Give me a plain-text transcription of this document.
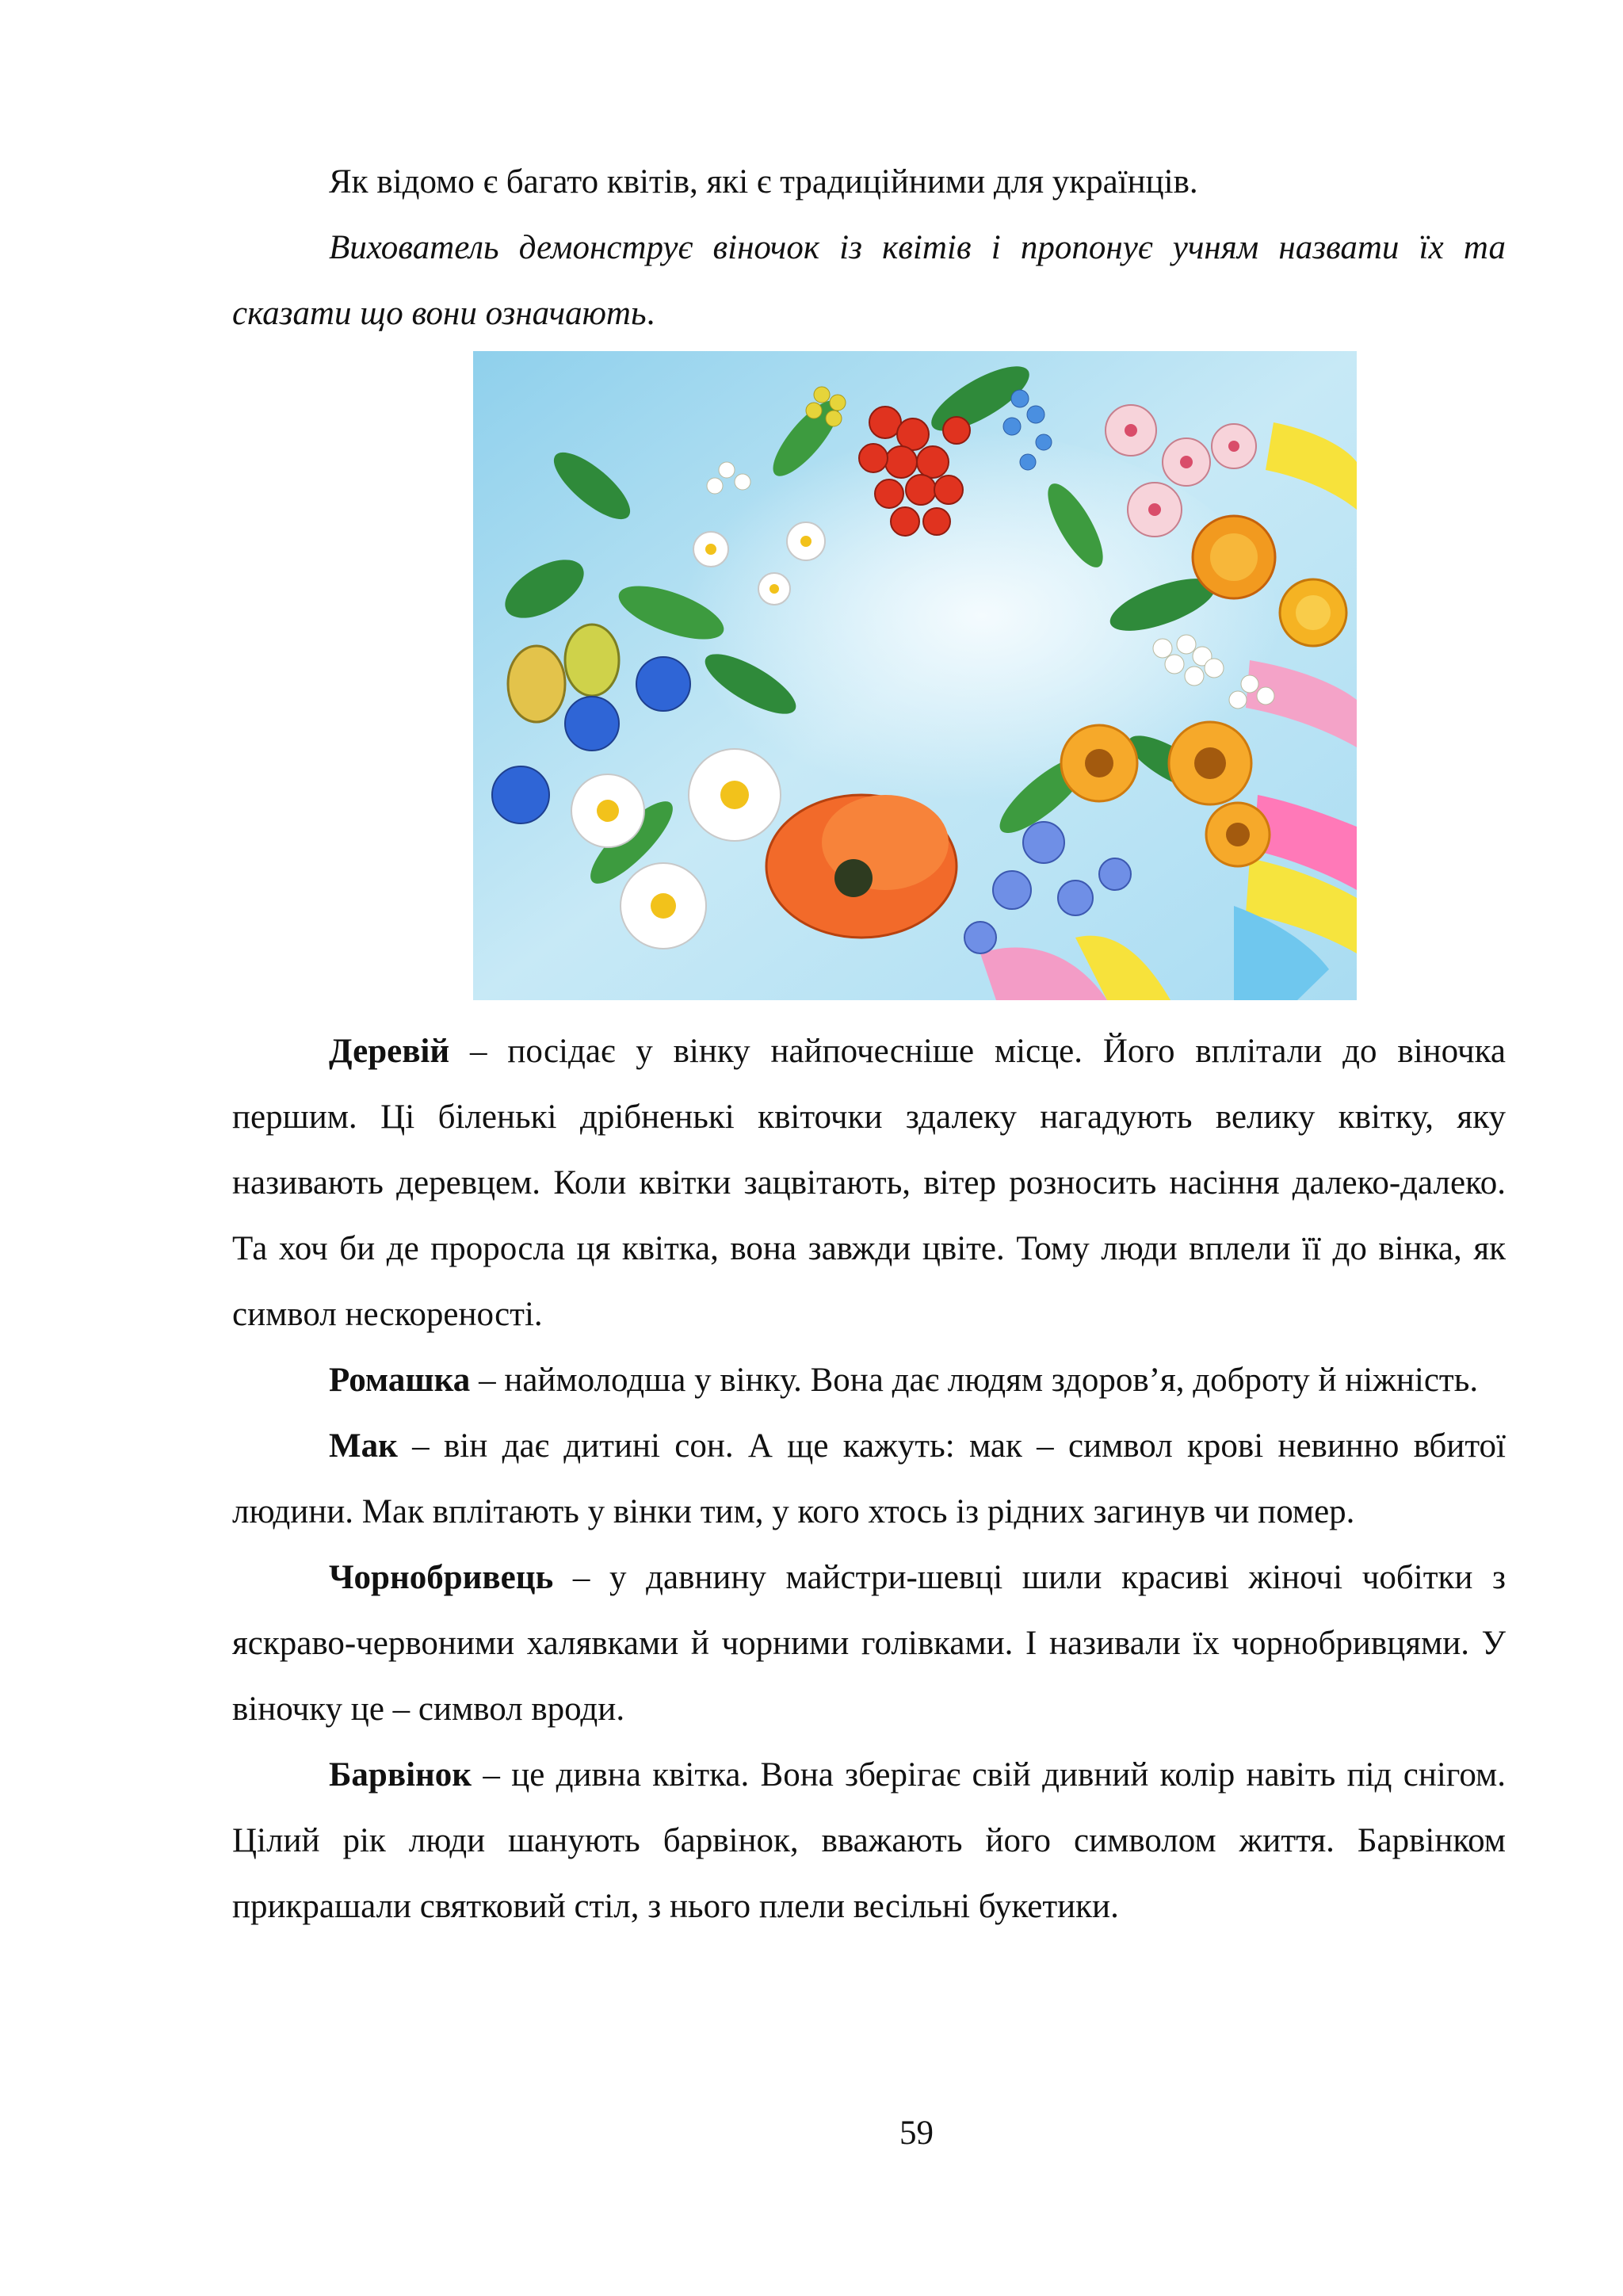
Як відомо є багато квітів, які є традиційними для українців.

Вихователь демонструє віночок із квітів і пропонує учням назвати їх та сказати що вони означають.

Деревій – посідає у вінку найпочесніше місце. Його вплітали до віночка першим. Ці біленькі дрібненькі квіточки здалеку нагадують велику квітку, яку називають деревцем. Коли квітки зацвітають, вітер розносить насіння далеко-далеко. Та хоч би де проросла ця квітка, вона завжди цвіте. Тому люди вплели її до вінка, як символ нескореності.

Ромашка – наймолодша у вінку. Вона дає людям здоров’я, доброту й ніжність.

Мак – він дає дитині сон. А ще кажуть: мак – символ крові невинно вбитої людини. Мак вплітають у вінки тим, у кого хтось із рідних загинув чи помер.

Чорнобривець – у давнину майстри-шевці шили красиві жіночі чобітки з яскраво-червоними халявками й чорними голівками. І називали їх чорнобривцями. У віночку це – символ вроди.

Барвінок – це дивна квітка. Вона зберігає свій дивний колір навіть під снігом. Цілий рік люди шанують барвінок, вважають його символом життя. Барвінком прикрашали святковий стіл, з нього плели весільні букетики.

59
